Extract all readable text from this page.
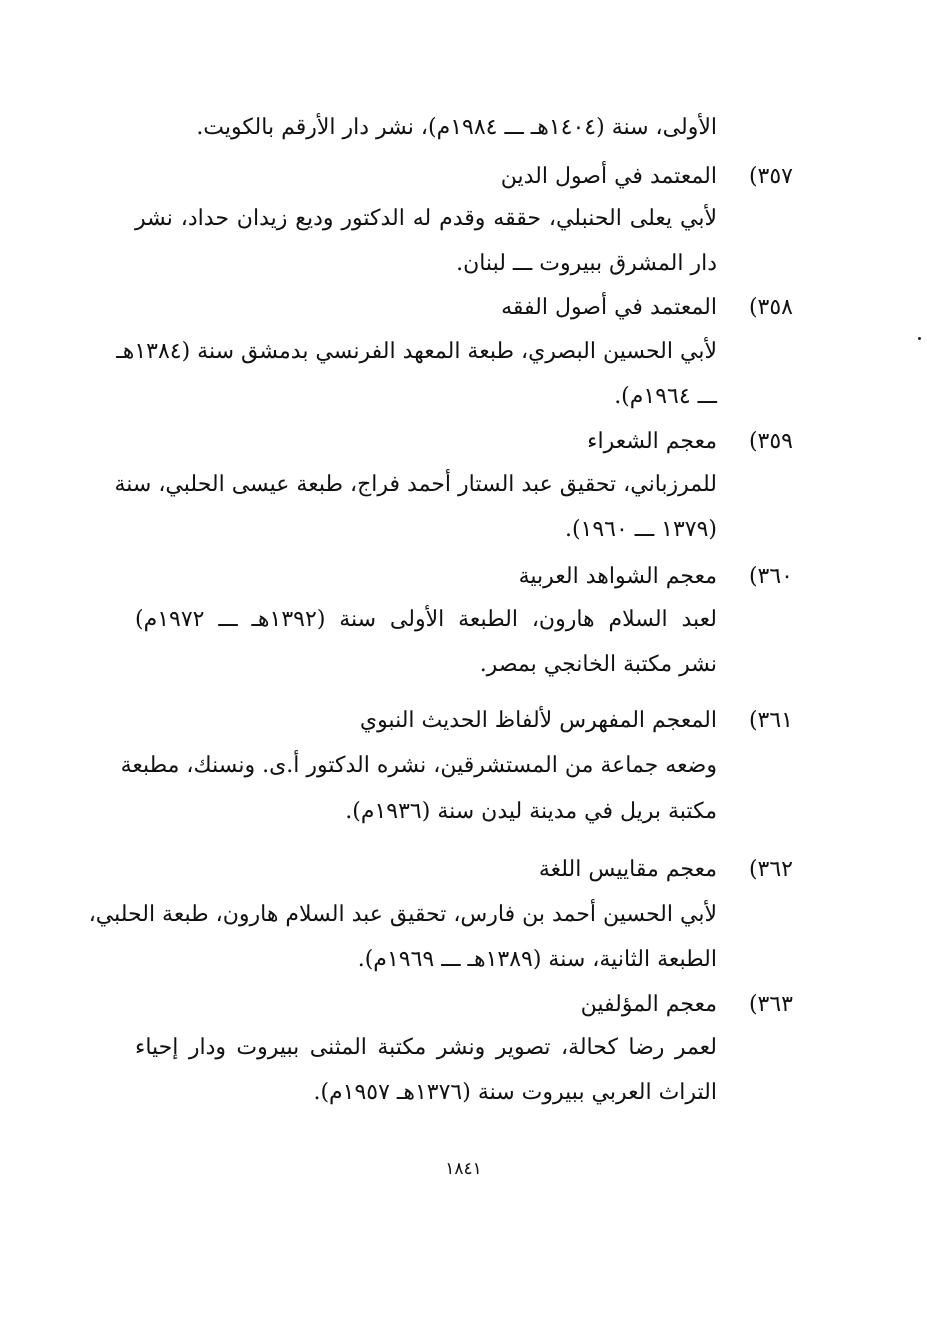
الأولى، سنة (١٤٠٤هـ ـــ ١٩٨٤م)، نشر دار الأرقم بالكويت.
٣٥٧)
المعتمد في أصول الدين
لأبي يعلى الحنبلي، حققه وقدم له الدكتور وديع زيدان حداد، نشر
دار المشرق ببيروت ـــ لبنان.
٣٥٨)
المعتمد في أصول الفقه
لأبي الحسين البصري، طبعة المعهد الفرنسي بدمشق سنة (١٣٨٤هـ
ـــ ١٩٦٤م).
٣٥٩)
معجم الشعراء
للمرزباني، تحقيق عبد الستار أحمد فراج، طبعة عيسى الحلبي، سنة
(١٣٧٩ ـــ ١٩٦٠).
٣٦٠)
معجم الشواهد العربية
لعبد السلام هارون، الطبعة الأولى سنة (١٣٩٢هـ ـــ ١٩٧٢م)
نشر مكتبة الخانجي بمصر.
٣٦١)
المعجم المفهرس لألفاظ الحديث النبوي
وضعه جماعة من المستشرقين، نشره الدكتور أ.ى. ونسنك، مطبعة
مكتبة بريل في مدينة ليدن سنة (١٩٣٦م).
٣٦٢)
معجم مقاييس اللغة
لأبي الحسين أحمد بن فارس، تحقيق عبد السلام هارون، طبعة الحلبي،
الطبعة الثانية، سنة (١٣٨٩هـ ـــ ١٩٦٩م).
٣٦٣)
معجم المؤلفين
لعمر رضا كحالة، تصوير ونشر مكتبة المثنى ببيروت ودار إحياء
التراث العربي ببيروت سنة (١٣٧٦هـ ١٩٥٧م).
١٨٤١
